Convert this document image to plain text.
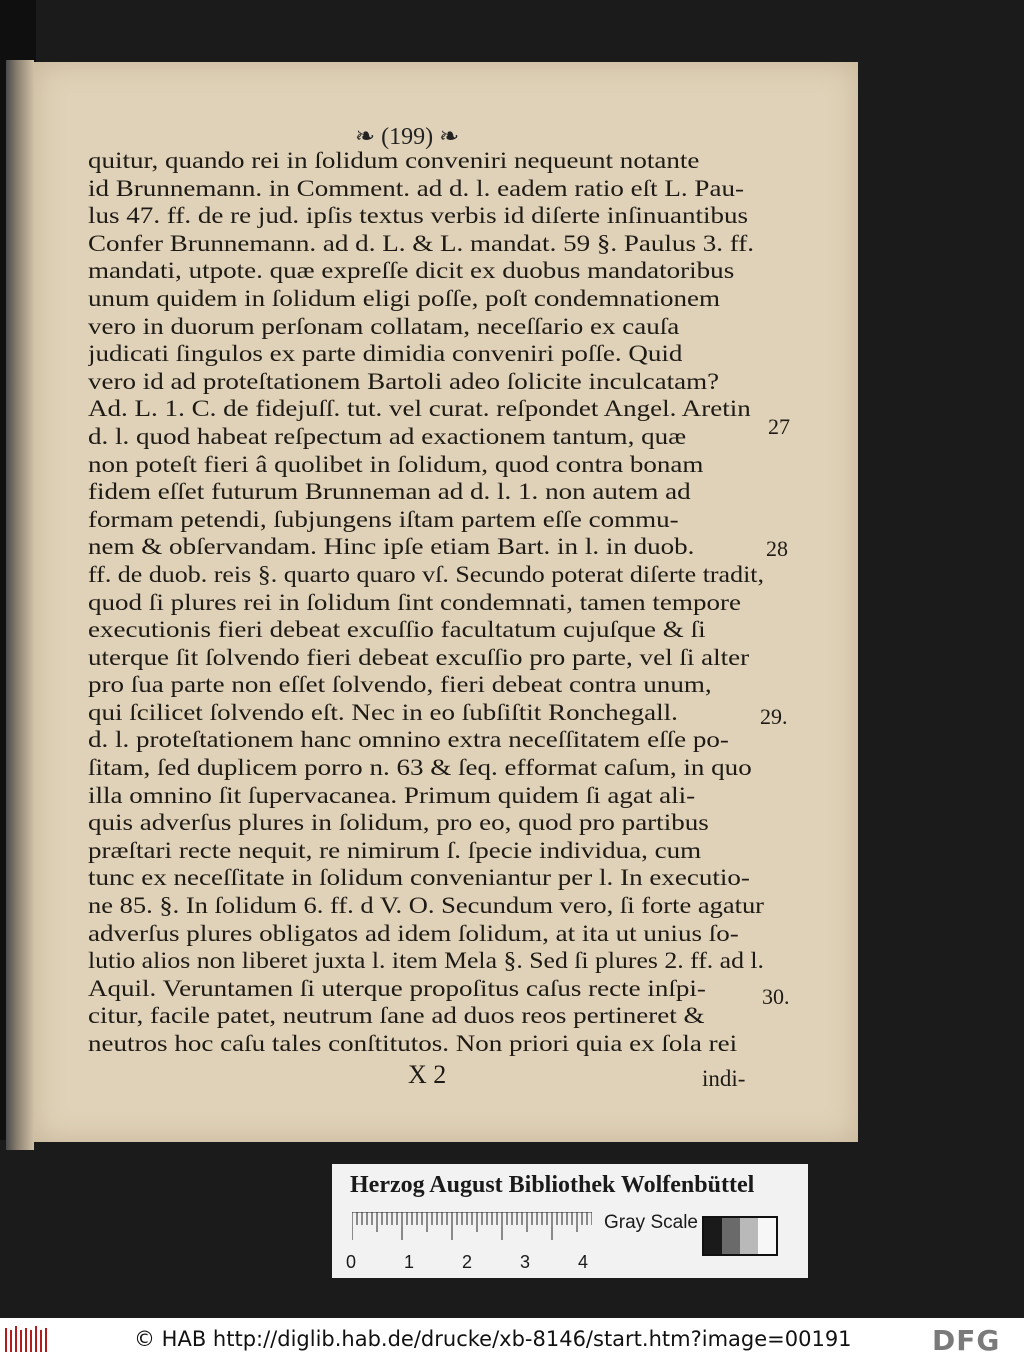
❧ (199) ❧
quitur, quando rei in ſolidum conveniri nequeunt notante
id Brunnemann. in Comment. ad d. l. eadem ratio eſt L. Pau-
lus 47. ff. de re jud. ipſis textus verbis id diſerte inſinuantibus
Confer Brunnemann. ad d. L. & L. mandat. 59 §. Paulus 3. ff.
mandati, utpote. quæ expreſſe dicit ex duobus mandatoribus
unum quidem in ſolidum eligi poſſe, poſt condemnationem
vero in duorum perſonam collatam, neceſſario ex cauſa
judicati ſingulos ex parte dimidia conveniri poſſe. Quid
vero id ad proteſtationem Bartoli adeo ſolicite inculcatam?
Ad. L. 1. C. de fidejuſſ. tut. vel curat. reſpondet Angel. Aretin
d. l. quod habeat reſpectum ad exactionem tantum, quæ
non poteſt fieri â quolibet in ſolidum, quod contra bonam
fidem eſſet futurum Brunneman ad d. l. 1. non autem ad
formam petendi, ſubjungens iſtam partem eſſe commu-
nem & obſervandam. Hinc ipſe etiam Bart. in l. in duob.
ff. de duob. reis §. quarto quaro vſ. Secundo poterat diſerte tradit,
quod ſi plures rei in ſolidum ſint condemnati, tamen tempore
executionis fieri debeat excuſſio facultatum cujuſque & ſi
uterque ſit ſolvendo fieri debeat excuſſio pro parte, vel ſi alter
pro ſua parte non eſſet ſolvendo, fieri debeat contra unum,
qui ſcilicet ſolvendo eſt. Nec in eo ſubſiſtit Ronchegall.
d. l. proteſtationem hanc omnino extra neceſſitatem eſſe po-
ſitam, ſed duplicem porro n. 63 & ſeq. efformat caſum, in quo
illa omnino ſit ſupervacanea. Primum quidem ſi agat ali-
quis adverſus plures in ſolidum, pro eo, quod pro partibus
præſtari recte nequit, re nimirum ſ. ſpecie individua, cum
tunc ex neceſſitate in ſolidum conveniantur per l. In executio-
ne 85. §. In ſolidum 6. ff. d V. O. Secundum vero, ſi forte agatur
adverſus plures obligatos ad idem ſolidum, at ita ut unius ſo-
lutio alios non liberet juxta l. item Mela §. Sed ſi plures 2. ff. ad l.
Aquil. Veruntamen ſi uterque propoſitus caſus recte inſpi-
citur, facile patet, neutrum ſane ad duos reos pertineret &
neutros hoc caſu tales conſtitutos. Non priori quia ex ſola rei
27
28
29.
30.
X 2	indi-
Herzog August Bibliothek Wolfenbüttel
0	1	2	3	4
Gray Scale
© HAB http://diglib.hab.de/drucke/xb-8146/start.htm?image=00191	DFG
